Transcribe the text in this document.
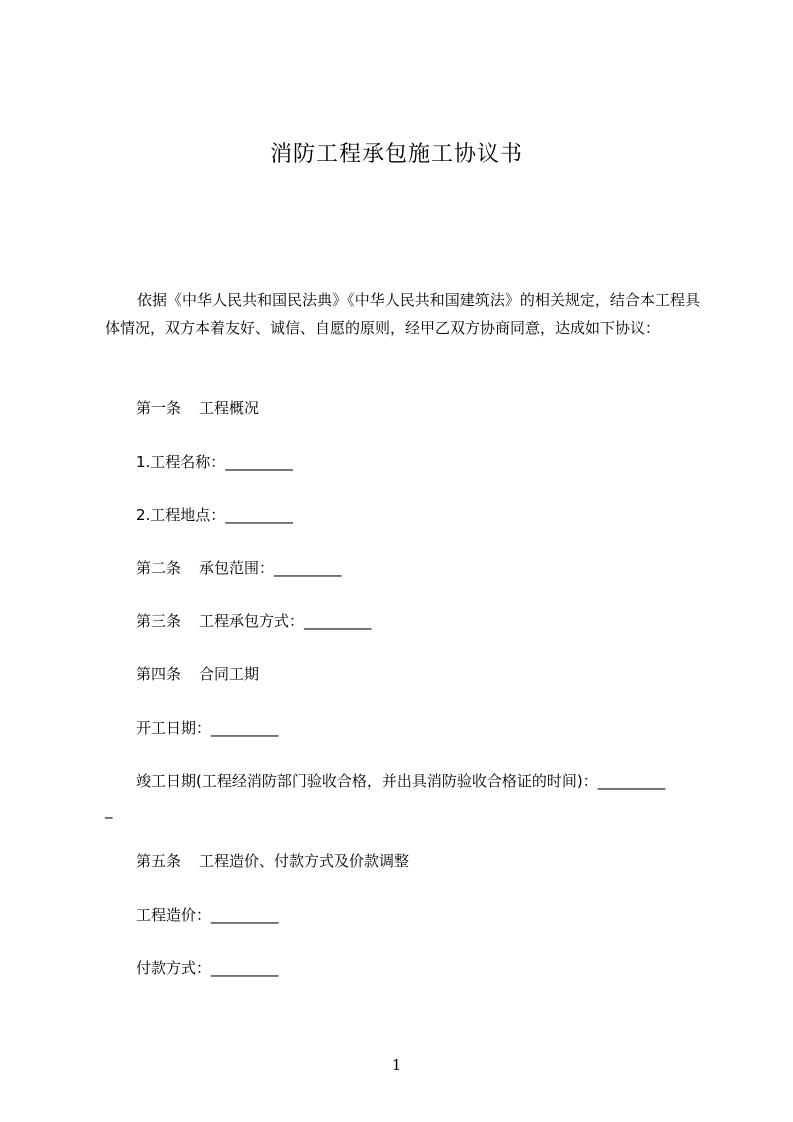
消防工程承包施工协议书
依据《中华人民共和国民法典》《中华人民共和国建筑法》的相关规定，结合本工程具体情况，双方本着友好、诚信、自愿的原则，经甲乙双方协商同意，达成如下协议：
第一条 工程概况
1.工程名称：_________
2.工程地点：_________
第二条 承包范围：_________
第三条 工程承包方式：_________
第四条 合同工期
开工日期：_________
竣工日期(工程经消防部门验收合格，并出具消防验收合格证的时间)：_________
_
第五条 工程造价、付款方式及价款调整
工程造价：_________
付款方式：_________
1
